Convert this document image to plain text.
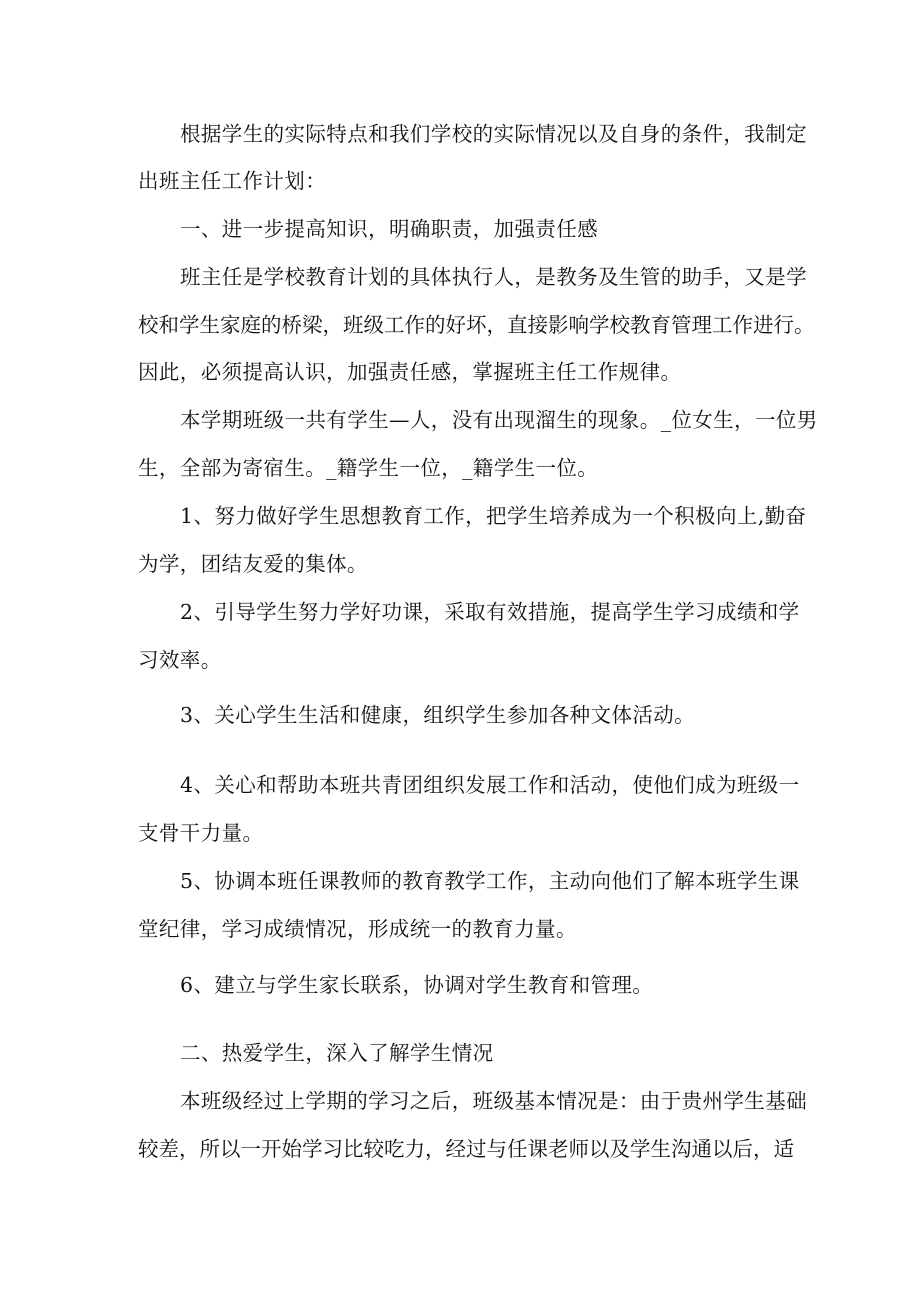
根据学生的实际特点和我们学校的实际情况以及自身的条件，我制定
出班主任工作计划：
一、进一步提高知识，明确职责，加强责任感
班主任是学校教育计划的具体执行人，是教务及生管的助手，又是学
校和学生家庭的桥梁，班级工作的好坏，直接影响学校教育管理工作进行。
因此，必须提高认识，加强责任感，掌握班主任工作规律。
本学期班级一共有学生—人，没有出现溜生的现象。_位女生，一位男
生，全部为寄宿生。_籍学生一位，_籍学生一位。
1、努力做好学生思想教育工作，把学生培养成为一个积极向上,勤奋
为学，团结友爱的集体。
2、引导学生努力学好功课，采取有效措施，提高学生学习成绩和学
习效率。
3、关心学生生活和健康，组织学生参加各种文体活动。
4、关心和帮助本班共青团组织发展工作和活动，使他们成为班级一
支骨干力量。
5、协调本班任课教师的教育教学工作，主动向他们了解本班学生课
堂纪律，学习成绩情况，形成统一的教育力量。
6、建立与学生家长联系，协调对学生教育和管理。
二、热爱学生，深入了解学生情况
本班级经过上学期的学习之后，班级基本情况是：由于贵州学生基础
较差，所以一开始学习比较吃力，经过与任课老师以及学生沟通以后，适
